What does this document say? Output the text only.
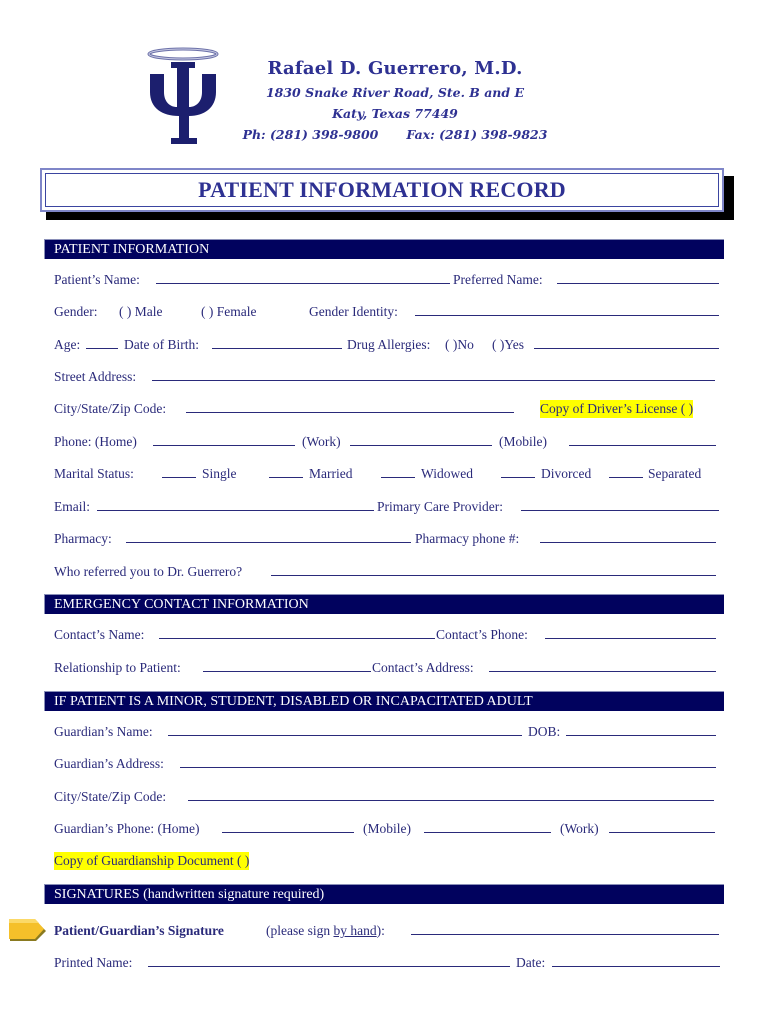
Rafael D. Guerrero, M.D.
1830 Snake River Road, Ste. B and E
Katy, Texas 77449
Ph: (281) 398-9800 Fax: (281) 398-9823
PATIENT INFORMATION RECORD
PATIENT INFORMATION
Patient’s Name:	Preferred Name:
Gender: ( ) Male	( ) Female	Gender Identity:
Age:	Date of Birth:	Drug Allergies: ( )No ( )Yes
Street Address:
City/State/Zip Code:	Copy of Driver’s License ( )
Phone: (Home)	(Work)	(Mobile)
Marital Status:	Single	Married	Widowed	Divorced	Separated
Email:	Primary Care Provider:
Pharmacy:	Pharmacy phone #:
Who referred you to Dr. Guerrero?
EMERGENCY CONTACT INFORMATION
Contact’s Name:	Contact’s Phone:
Relationship to Patient:	Contact’s Address:
IF PATIENT IS A MINOR, STUDENT, DISABLED OR INCAPACITATED ADULT
Guardian’s Name:	DOB:
Guardian’s Address:
City/State/Zip Code:
Guardian’s Phone: (Home)	(Mobile)	(Work)
Copy of Guardianship Document ( )
SIGNATURES (handwritten signature required)
Patient/Guardian’s Signature	(please sign by hand):
Printed Name:	Date:
